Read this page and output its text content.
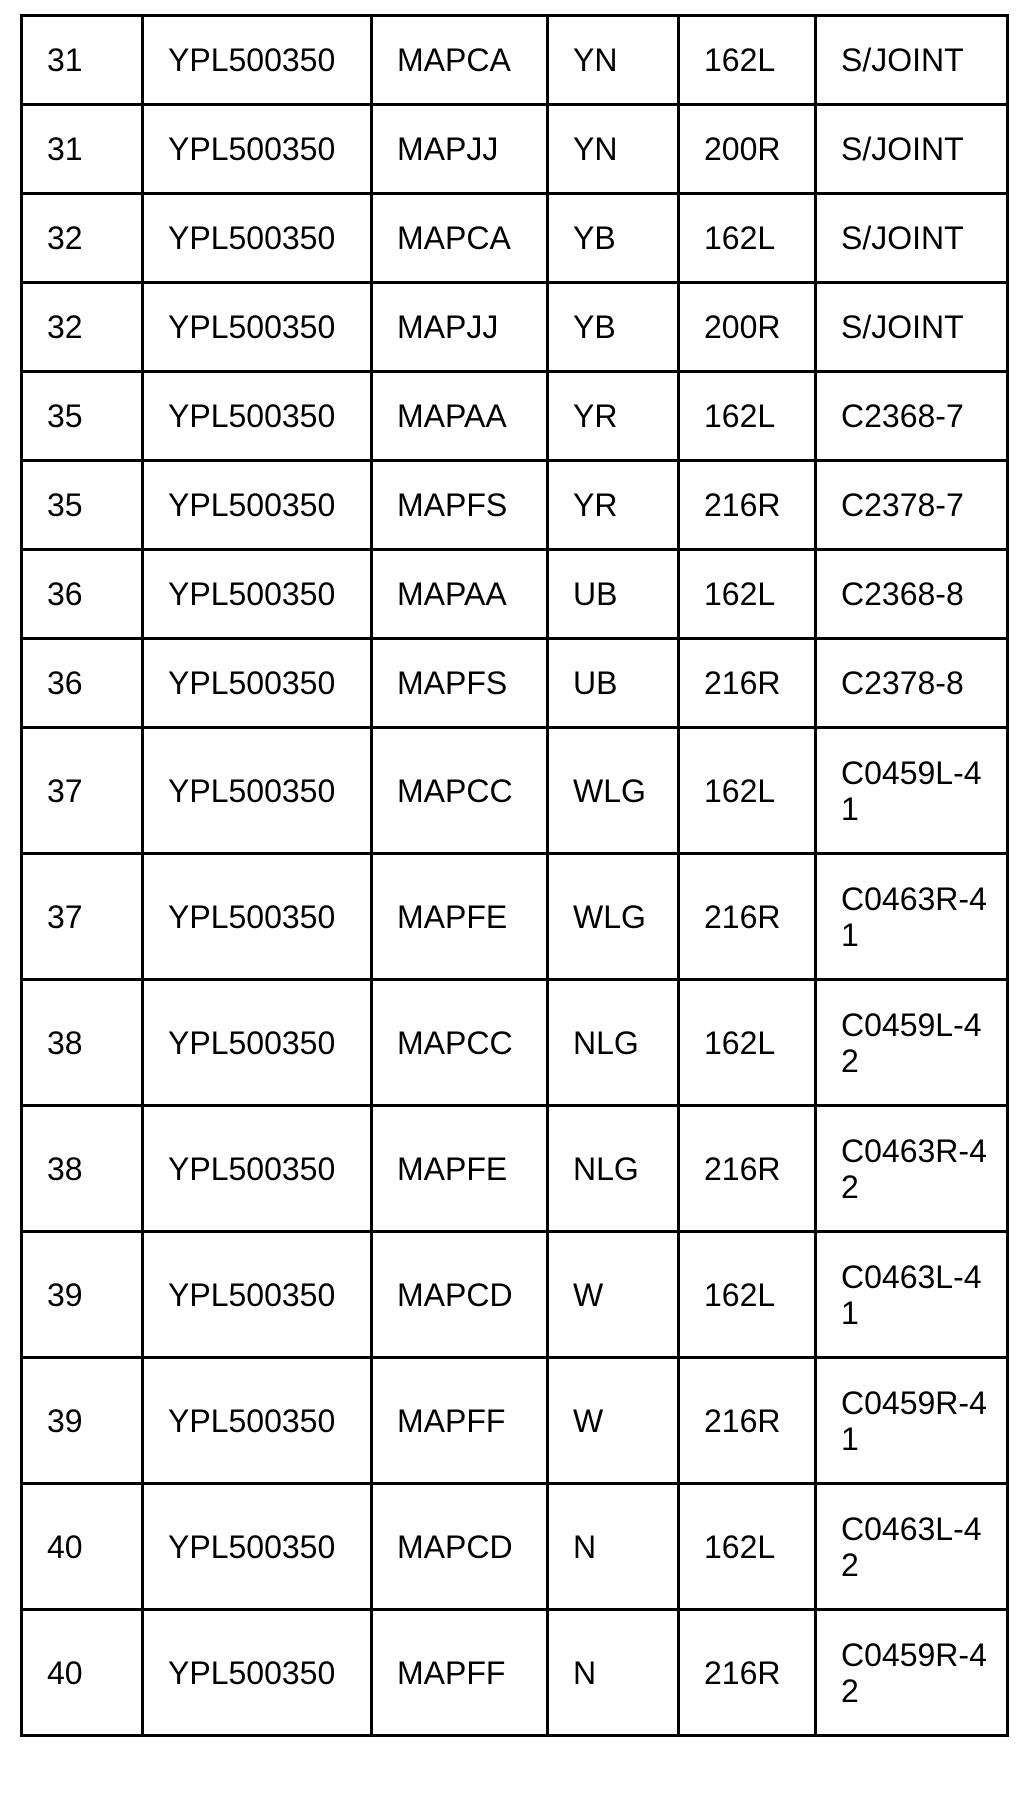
31	YPL500350	MAPCA	YN	162L	S/JOINT
31	YPL500350	MAPJJ	YN	200R	S/JOINT
32	YPL500350	MAPCA	YB	162L	S/JOINT
32	YPL500350	MAPJJ	YB	200R	S/JOINT
35	YPL500350	MAPAA	YR	162L	C2368-7
35	YPL500350	MAPFS	YR	216R	C2378-7
36	YPL500350	MAPAA	UB	162L	C2368-8
36	YPL500350	MAPFS	UB	216R	C2378-8
37	YPL500350	MAPCC	WLG	162L	C0459L-41
37	YPL500350	MAPFE	WLG	216R	C0463R-41
38	YPL500350	MAPCC	NLG	162L	C0459L-42
38	YPL500350	MAPFE	NLG	216R	C0463R-42
39	YPL500350	MAPCD	W	162L	C0463L-41
39	YPL500350	MAPFF	W	216R	C0459R-41
40	YPL500350	MAPCD	N	162L	C0463L-42
40	YPL500350	MAPFF	N	216R	C0459R-42
